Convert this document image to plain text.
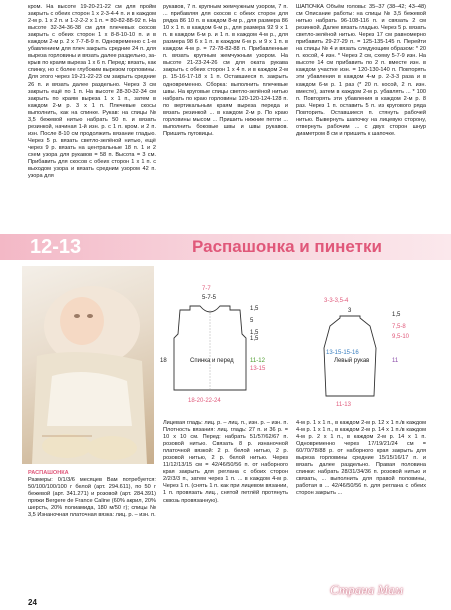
кром. На высоте 19-20-21-22 см для пройм закрыть с обеих сторон 1 х 2-3-4-4 п. и в каждом 2-м р. 1 х 2 п. и 1-2-2-2 х 1 п. = 80-82-88-92 п. На высоте 32-34-36-38 см для плечевых скосов закрыть с обеих сторон 1 х 8-8-10-10 п. и в каждом 2-м р. 2 х 7-7-8-9 п. Одновременно с 1-м убавлением для плеч закрыть средние 24 п. для выреза горловины и вязать далее раздельно, за-крыв по краям выреза 1 х 6 п. Перед: вязать, как спинку, но с более глубоким вырезом горловины. Для этого через 19-21-22-23 см закрыть средние 26 п. и вязать далее раздельно. Через 3 см закрыть ещё по 1 п. На высоте 28-30-32-34 см закрыть по краям выреза 1 х 1 п., затем в каждом 2-м р. 3 х 1 п. Плечевые скосы выполнить, как на спинке. Рукав: на спицы № 3,5 бежевой нитью набрать 50 п. и вязать резинкой, начиная 1-й изн. р. с 1 п. кром. и 2 п. изн. После 8-10 см продолжить вязание гладью. Через 5 р. вязать светло-зелёной нитью, ещё через 9 р. вязать на центральные 18 п. 1 и 2 схем узора для рукавов = 58 п. Высота = 3 см. Прибавить для скосов с обеих сторон 1 х 1 п. с выходом узора и вязать средним узором 42 п. узора для

рукавов, 7 п. крупным жемчужным узором, 7 п. ... прибавляя для скосов с обеих сторон для рядка 86 10 п. в каждом 8-м р., для размера 86 10 х 1 п. в каждом 6-м р., для размера 92 9 х 1 п. в каждом 6-м р. и 1 п. в каждом 4-м р., для размера 98 6 х 1 п. в каждом 6-м р. и 9 х 1 п. в каждом 4-м р. = 72-78-82-88 п. Прибавленные п. вязать крупным жемчужным узором. На высоте 21-23-24-26 см для оката рукава закрыть с обеих сторон 1 х 4 п. и в каждом 2-м р. 15-16-17-18 х 1 п. Оставшиеся п. закрыть одновременно. Сборка: выполнить плечевые швы. На круговые спицы светло-зелёной нитью набрать по краю горловины 120-120-124-128 п. по вертикальным краям выреза переда и вязать резинкой ... в каждом 2-м р. По краю горловины мысом ... Пришить нижние петли ... выполнить боковые швы и швы рукавов. Пришить пуговицы.

ШАПОЧКА Объём головы: 35–37 (38–42; 43–48) см Описание работы: на спицы № 3,5 бежевой нитью набрать 96-108-116 п. и связать 2 см резинкой. Далее вязать гладью. Через 5 р. вязать светло-зелёной нитью. Через 17 см равномерно прибавить 29-27-29 п. = 125-135-145 п. Перейти на спицы № 4 и вязать следующим образом: * 20 п. косой, 4 изн. * Через 2 см, схему 5-7-9 изн. На высоте 14 см прибавить по 2 п. вместе изн. в каждом участке изн. = 120-130-140 п. Повторять эти убавления в каждом 4-м р. 2-3-3 раза и в каждом 6-м р. 1 раз (* 20 п. косой, 2 п. изн. вместе), затем в каждом 2-м р. убавлять ... * 100 п. Повторять эти убавления в каждом 2-м р. 8 раз. Через 1 п. оставить 5 п. из кругового ряда Повторить. Оставшиеся п. стянуть рабочей нитью. Вывернуть шапочку на лицевую сторону, отвернуть рабочим ... с двух сторон шнур диаметром 8 см и пришить к шапочке.

12-13	Распашонка и пинетки
7-7
5-7-5
Спинка и перед
1,5
5
1,5
1,5
11-12
13-15
18
18-20-22-24
3-3-3,5-4
3
Левый рукав
1,5
7,5-8
9,5-10
11
13-15-15-16
11-13

РАСПАШОНКА

Размеры: 0/1/3/6 месяцев Вам потребуется: 50/100/100/100 г белой (арт. 294.611), по 50 г бежевой (арт. 341.271) и розовой (арт. 284.391) пряжи Bergere de France Caline (60% акрил, 20% шерсть, 20% полиамида, 180 м/50 г); спицы № 3,5 Изнаночная платочная вязка: лиц. р. – изн. п.

Лицевая гладь: лиц. р. – лиц. п., изн. р. – изн. п. Плотность вязания: лиц. гладь: 27 п. и 36 р. = 10 х 10 см. Перед: набрать 51/57/62/67 п. розовой нитью. Связать 8 р. изнаночной платочной вязкой: 2 р. белой нитью, 2 р. розовой нитью, 2 р. белой нитью. Через 11/12/13/15 см = 42/46/50/56 п. от наборного края закрыть для реглана с обоих сторон 2/2/3/3 п., затем через 1 п. ... в каждом 4-м р. Через 1 п. (снять 1 п. как при лицевом вязании, 1 п. провязать лиц., снятой петлёй протянуть сквозь провязанную).

4-м р. 1 х 1 п., в каждом 2-м р. 12 х 1 п./в каждом 4-м р. 1 х 1 п., в каждом 2-м р. 14 х 1 п./в каждом 4-м р. 2 х 1 п., в каждом 2-м р. 14 х 1 п. Одновременно через 17/19/21/24 см = 60/70/78/88 р. от наборного края закрыть для выреза горловины средние 15/15/16/17 п. и вязать далее раздельно. Правая половина спинки: набрать 28/31/34/36 п. розовой нитью и связать, ... выполнить для правой половины, работая в ... 42/46/50/56 п. для реглана с обеих сторон закрыть ...

24
Страна Мам
